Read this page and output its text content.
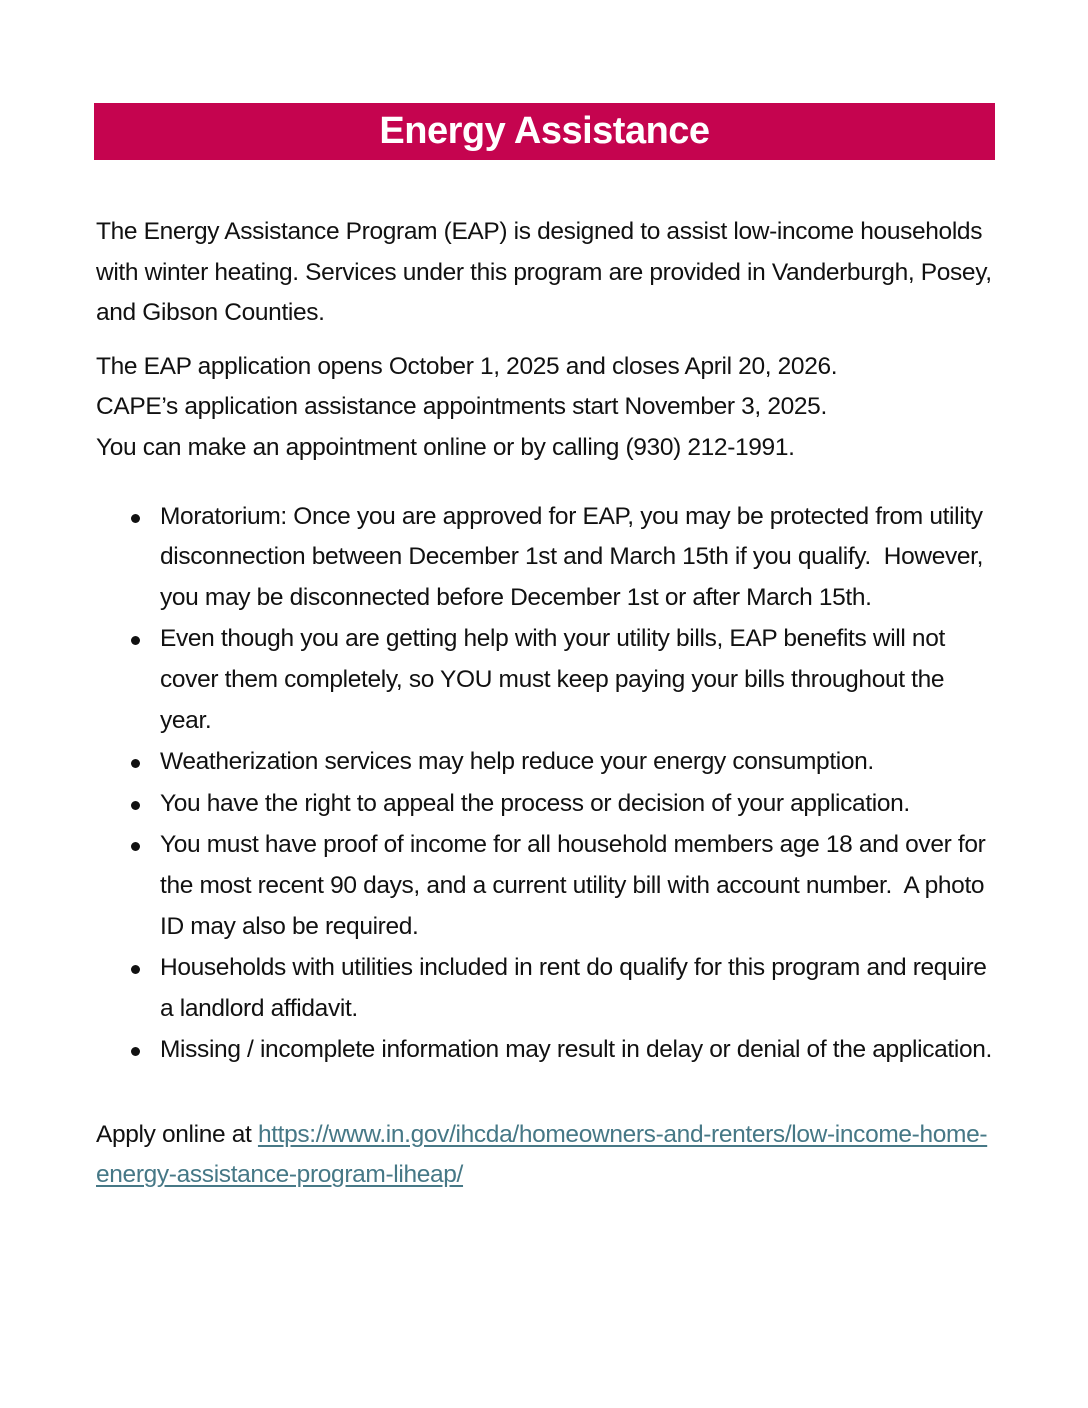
Energy Assistance

The Energy Assistance Program (EAP) is designed to assist low-income households with winter heating. Services under this program are provided in Vanderburgh, Posey, and Gibson Counties.

The EAP application opens October 1, 2025 and closes April 20, 2026.
CAPE’s application assistance appointments start November 3, 2025.
You can make an appointment online or by calling (930) 212-1991.

Moratorium: Once you are approved for EAP, you may be protected from utility disconnection between December 1st and March 15th if you qualify.  However, you may be disconnected before December 1st or after March 15th.
Even though you are getting help with your utility bills, EAP benefits will not cover them completely, so YOU must keep paying your bills throughout the year.
Weatherization services may help reduce your energy consumption.
You have the right to appeal the process or decision of your application.
You must have proof of income for all household members age 18 and over for the most recent 90 days, and a current utility bill with account number.  A photo ID may also be required.
Households with utilities included in rent do qualify for this program and require a landlord affidavit.
Missing / incomplete information may result in delay or denial of the application.

Apply online at https://www.in.gov/ihcda/homeowners-and-renters/low-income-home-energy-assistance-program-liheap/
